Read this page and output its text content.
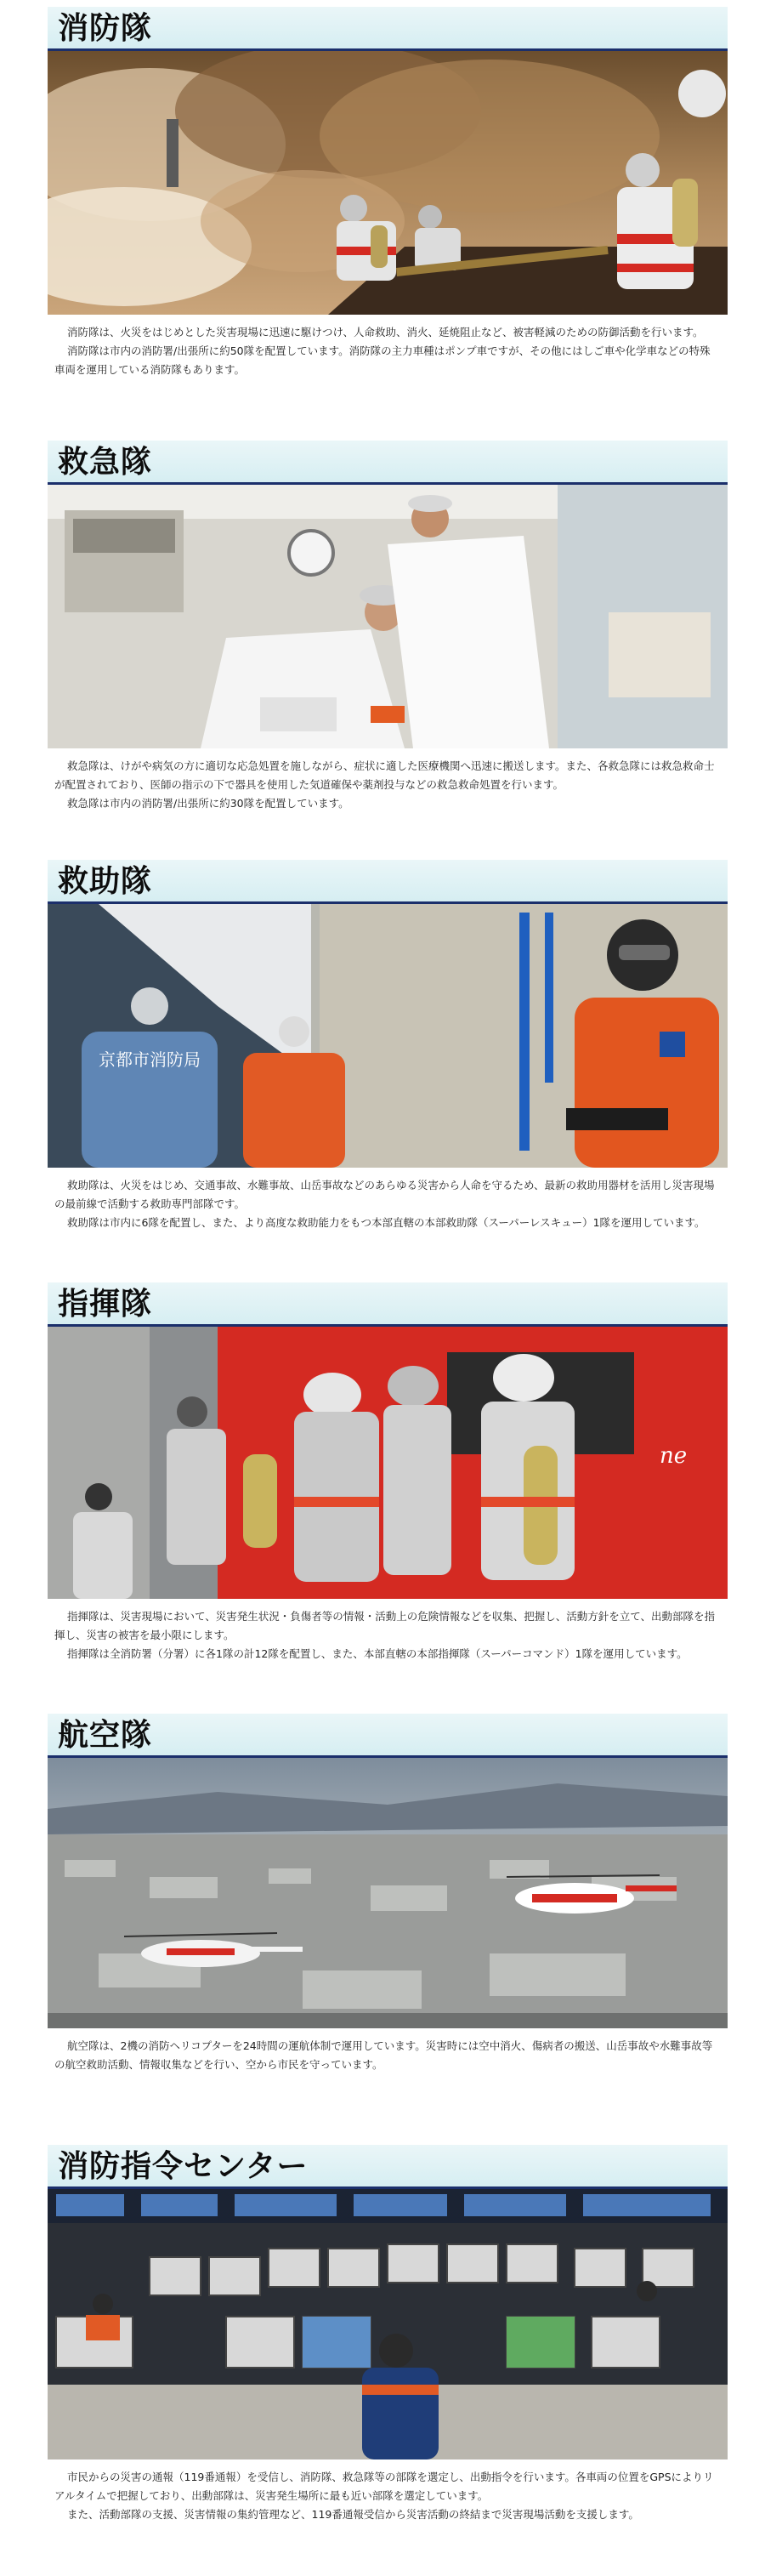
消防隊

消防隊は、火災をはじめとした災害現場に迅速に駆けつけ、人命救助、消火、延焼阻止など、被害軽減のための防御活動を行います。

消防隊は市内の消防署/出張所に約50隊を配置しています。消防隊の主力車種はポンプ車ですが、その他にはしご車や化学車などの特殊車両を運用している消防隊もあります。

救急隊

救急隊は、けがや病気の方に適切な応急処置を施しながら、症状に適した医療機関へ迅速に搬送します。また、各救急隊には救急救命士が配置されており、医師の指示の下で器具を使用した気道確保や薬剤投与などの救急救命処置を行います。

救急隊は市内の消防署/出張所に約30隊を配置しています。

救助隊
京都市消防局

救助隊は、火災をはじめ、交通事故、水難事故、山岳事故などのあらゆる災害から人命を守るため、最新の救助用器材を活用し災害現場の最前線で活動する救助専門部隊です。

救助隊は市内に6隊を配置し、また、より高度な救助能力をもつ本部直轄の本部救助隊（スーパーレスキュー）1隊を運用しています。

指揮隊
ne

指揮隊は、災害現場において、災害発生状況・負傷者等の情報・活動上の危険情報などを収集、把握し、活動方針を立て、出動部隊を指揮し、災害の被害を最小限にします。

指揮隊は全消防署（分署）に各1隊の計12隊を配置し、また、本部直轄の本部指揮隊（スーパーコマンド）1隊を運用しています。

航空隊

航空隊は、2機の消防ヘリコプターを24時間の運航体制で運用しています。災害時には空中消火、傷病者の搬送、山岳事故や水難事故等の航空救助活動、情報収集などを行い、空から市民を守っています。

消防指令センター

市民からの災害の通報（119番通報）を受信し、消防隊、救急隊等の部隊を選定し、出動指令を行います。各車両の位置をGPSによりリアルタイムで把握しており、出動部隊は、災害発生場所に最も近い部隊を選定しています。

また、活動部隊の支援、災害情報の集約管理など、119番通報受信から災害活動の終結まで災害現場活動を支援します。
